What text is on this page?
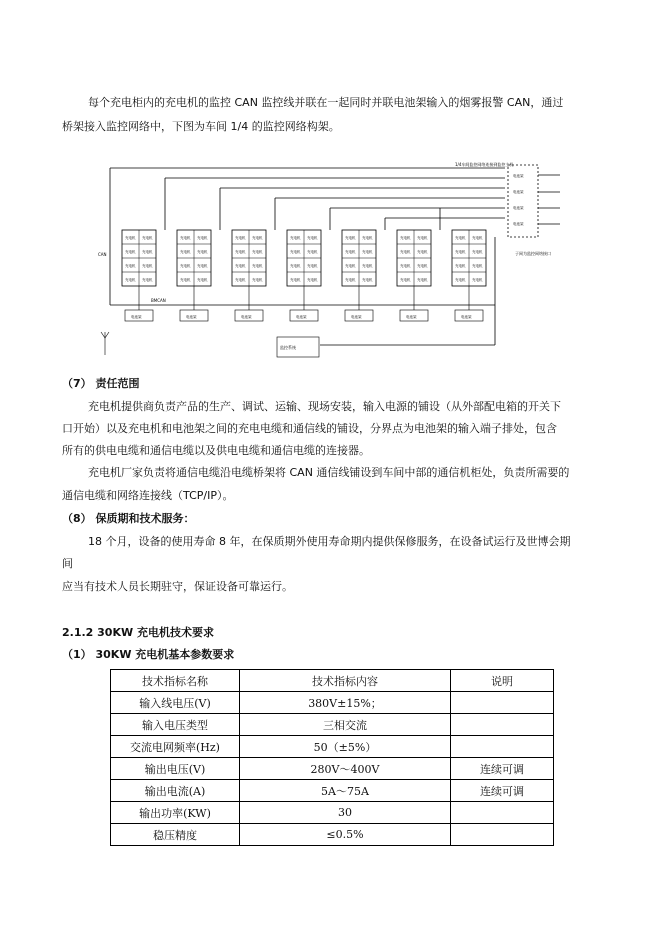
每个充电柜内的充电机的监控 CAN 监控线并联在一起同时并联电池架输入的烟雾报警 CAN，通过
桥架接入监控网络中，下图为车间 1/4 的监控网络构架。
CAN
BMCAN
监控系统
子网为监控网络接口
1/4车间监控网络连接到监控主机
充电机 充电机
充电机 充电机
充电机 充电机
充电机 充电机
电池架
充电机 充电机
充电机 充电机
充电机 充电机
充电机 充电机
电池架
充电机 充电机
充电机 充电机
充电机 充电机
充电机 充电机
电池架
充电机 充电机
充电机 充电机
充电机 充电机
充电机 充电机
电池架
充电机 充电机
充电机 充电机
充电机 充电机
充电机 充电机
电池架
充电机 充电机
充电机 充电机
充电机 充电机
充电机 充电机
电池架
充电机 充电机
充电机 充电机
充电机 充电机
充电机 充电机
电池架
电池架
电池架
电池架
电池架
（7） 责任范围
充电机提供商负责产品的生产、调试、运输、现场安装，输入电源的铺设（从外部配电箱的开关下
口开始）以及充电机和电池架之间的充电电缆和通信线的铺设，分界点为电池架的输入端子排处，包含
所有的供电电缆和通信电缆以及供电电缆和通信电缆的连接器。
充电机厂家负责将通信电缆沿电缆桥架将 CAN 通信线铺设到车间中部的通信机柜处，负责所需要的
通信电缆和网络连接线（TCP/IP）。
（8） 保质期和技术服务：
18 个月，设备的使用寿命 8 年，在保质期外使用寿命期内提供保修服务，在设备试运行及世博会期
间
应当有技术人员长期驻守，保证设备可靠运行。
2.1.2 30KW 充电机技术要求
（1） 30KW 充电机基本参数要求
技术指标名称	技术指标内容	说明
输入线电压(V)	380V±15%；	
输入电压类型	三相交流	
交流电网频率(Hz)	50（±5%）	
输出电压(V)	280V～400V	连续可调
输出电流(A)	5A～75A	连续可调
输出功率(KW)	30	
稳压精度	≤0.5%	
